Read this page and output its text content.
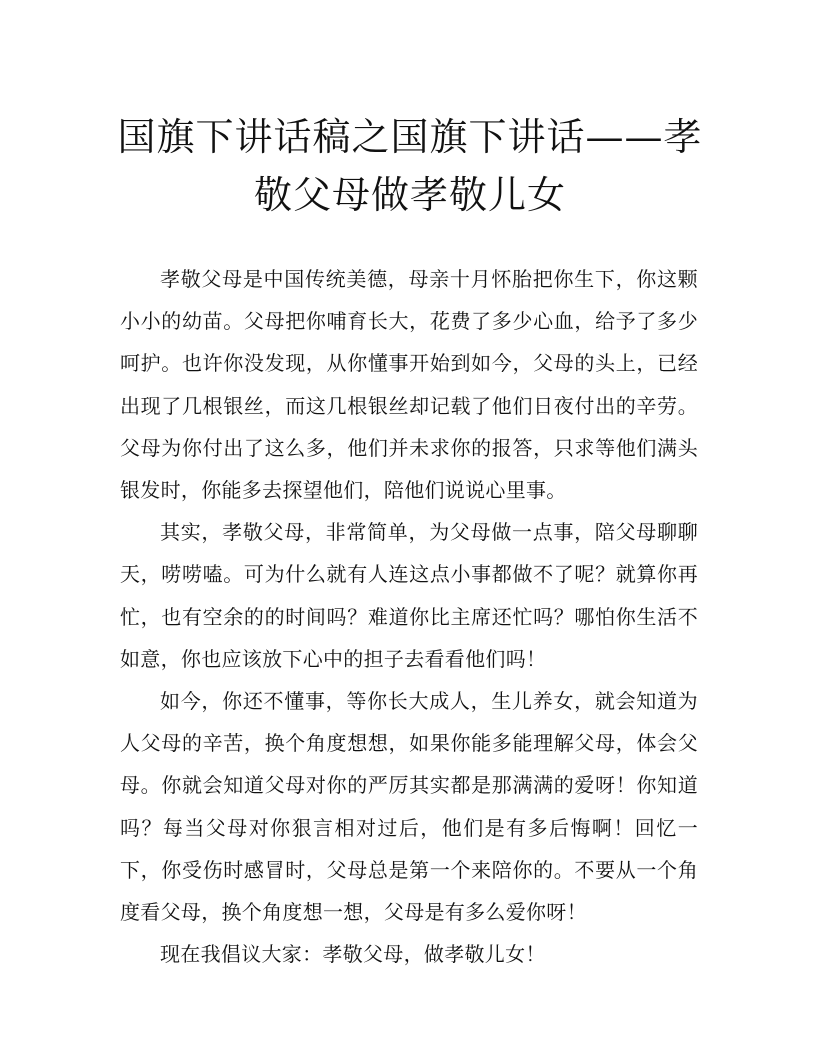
国旗下讲话稿之国旗下讲话——孝敬父母做孝敬儿女

孝敬父母是中国传统美德，母亲十月怀胎把你生下，你这颗小小的幼苗。父母把你哺育长大，花费了多少心血，给予了多少呵护。也许你没发现，从你懂事开始到如今，父母的头上，已经出现了几根银丝，而这几根银丝却记载了他们日夜付出的辛劳。父母为你付出了这么多，他们并未求你的报答，只求等他们满头银发时，你能多去探望他们，陪他们说说心里事。

其实，孝敬父母，非常简单，为父母做一点事，陪父母聊聊天，唠唠嗑。可为什么就有人连这点小事都做不了呢？就算你再忙，也有空余的的时间吗？难道你比主席还忙吗？哪怕你生活不如意，你也应该放下心中的担子去看看他们吗！

如今，你还不懂事，等你长大成人，生儿养女，就会知道为人父母的辛苦，换个角度想想，如果你能多能理解父母，体会父母。你就会知道父母对你的严厉其实都是那满满的爱呀！你知道吗？每当父母对你狠言相对过后，他们是有多后悔啊！回忆一下，你受伤时感冒时，父母总是第一个来陪你的。不要从一个角度看父母，换个角度想一想，父母是有多么爱你呀！

现在我倡议大家：孝敬父母，做孝敬儿女！
